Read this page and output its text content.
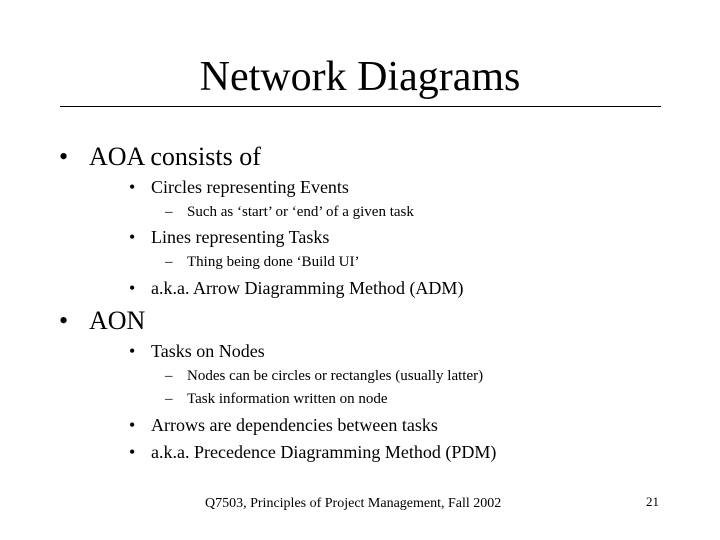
Network Diagrams
• AOA consists of
• Circles representing Events
– Such as ‘start’ or ‘end’ of a given task
• Lines representing Tasks
– Thing being done ‘Build UI’
• a.k.a. Arrow Diagramming Method (ADM)
• AON
• Tasks on Nodes
– Nodes can be circles or rectangles (usually latter)
– Task information written on node
• Arrows are dependencies between tasks
• a.k.a. Precedence Diagramming Method (PDM)
Q7503, Principles of Project Management, Fall 2002	21
